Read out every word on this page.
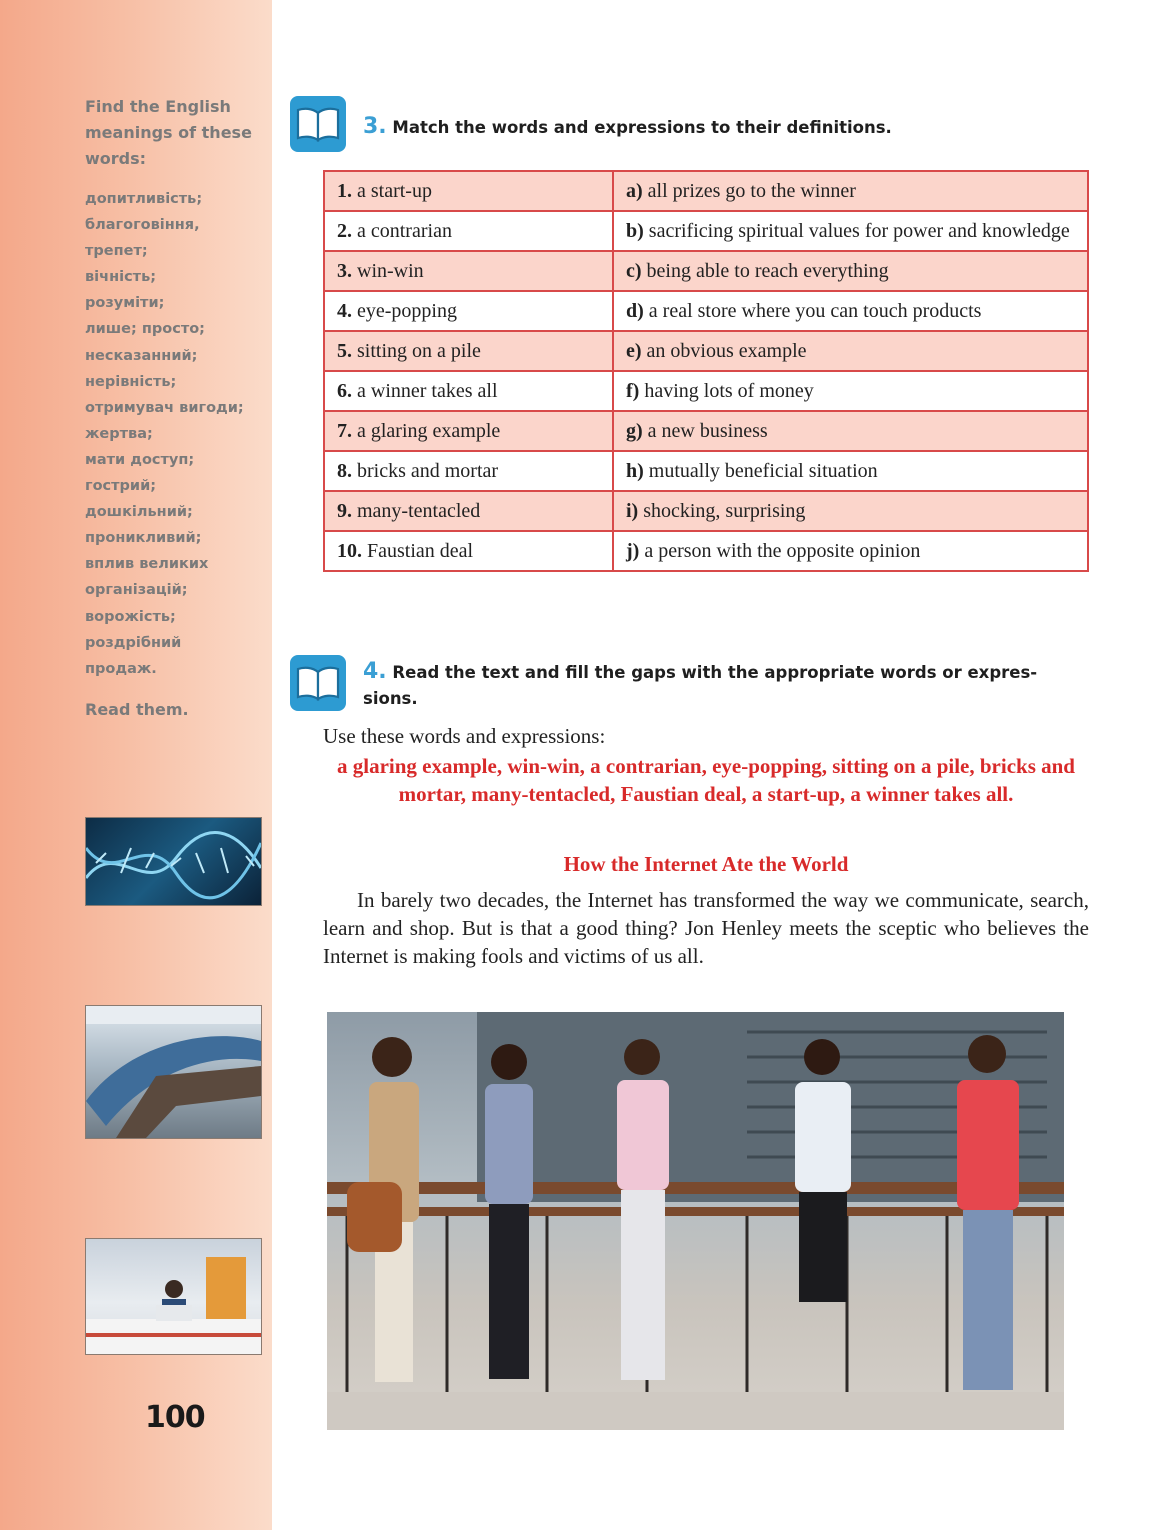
Find the English meanings of these words:
допитливість;
благоговіння,
трепет;
вічність;
розуміти;
лише; просто;
несказанний;
нерівність;
отримувач вигоди;
жертва;
мати доступ;
гострий;
дошкільний;
проникливий;
вплив великих
організацій;
ворожість;
роздрібний
продаж.
Read them.
100
3. Match the words and expressions to their definitions.
1. a start-up	a) all prizes go to the winner
2. a contrarian	b) sacrificing spiritual values for power and knowledge
3. win-win	c) being able to reach everything
4. eye-popping	d) a real store where you can touch products
5. sitting on a pile	e) an obvious example
6. a winner takes all	f) having lots of money
7. a glaring example	g) a new business
8. bricks and mortar	h) mutually beneficial situation
9. many-tentacled	i) shocking, surprising
10. Faustian deal	j) a person with the opposite opinion
4. Read the text and fill the gaps with the appropriate words or expres- sions.
Use these words and expressions:
a glaring example, win-win, a contrarian, eye-popping, sitting on a pile, bricks and mortar, many-tentacled, Faustian deal, a start-up, a winner takes all.
How the Internet Ate the World
In barely two decades, the Internet has transformed the way we communicate, search, learn and shop. But is that a good thing? Jon Henley meets the sceptic who believes the Internet is making fools and victims of us all.
